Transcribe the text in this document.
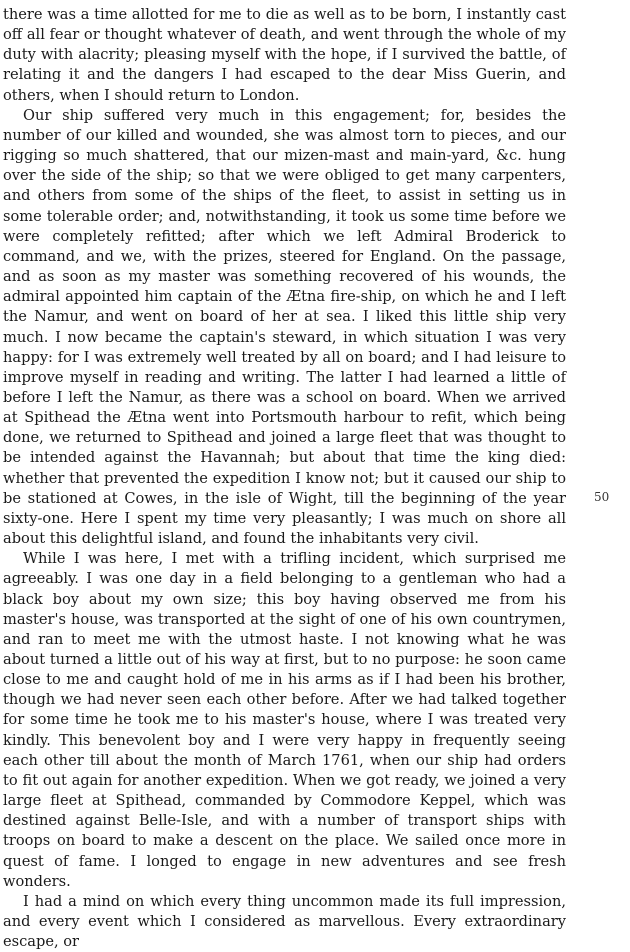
there was a time allotted for me to die as well as to be born, I instantly cast off all fear or thought whatever of death, and went through the whole of my duty with alacrity; pleasing myself with the hope, if I survived the battle, of relating it and the dangers I had escaped to the dear Miss Guerin, and others, when I should return to London.

Our ship suffered very much in this engagement; for, besides the number of our killed and wounded, she was almost torn to pieces, and our rigging so much shattered, that our mizen-mast and main-yard, &c. hung over the side of the ship; so that we were obliged to get many carpenters, and others from some of the ships of the fleet, to assist in setting us in some tolerable order; and, notwithstanding, it took us some time before we were completely refitted; after which we left Admiral Broderick to command, and we, with the prizes, steered for England. On the passage, and as soon as my master was something recovered of his wounds, the admiral appointed him captain of the Ætna fire-ship, on which he and I left the Namur, and went on board of her at sea. I liked this little ship very much. I now became the captain's steward, in which situation I was very happy: for I was extremely well treated by all on board; and I had leisure to improve myself in reading and writing. The latter I had learned a little of before I left the Namur, as there was a school on board. When we arrived at Spithead the Ætna went into Portsmouth harbour to refit, which being done, we returned to Spithead and joined a large fleet that was thought to be intended against the Havannah; but about that time the king died: whether that prevented the expedition I know not; but it caused our ship to be stationed at Cowes, in the isle of Wight, till the beginning of the year sixty-one. Here I spent my time very pleasantly; I was much on shore all about this delightful island, and found the inhabitants very civil.

While I was here, I met with a trifling incident, which surprised me agreeably. I was one day in a field belonging to a gentleman who had a black boy about my own size; this boy having observed me from his master's house, was transported at the sight of one of his own countrymen, and ran to meet me with the utmost haste. I not knowing what he was about turned a little out of his way at first, but to no purpose: he soon came close to me and caught hold of me in his arms as if I had been his brother, though we had never seen each other before. After we had talked together for some time he took me to his master's house, where I was treated very kindly. This benevolent boy and I were very happy in frequently seeing each other till about the month of March 1761, when our ship had orders to fit out again for another expedition. When we got ready, we joined a very large fleet at Spithead, commanded by Commodore Keppel, which was destined against Belle-Isle, and with a number of transport ships with troops on board to make a descent on the place. We sailed once more in quest of fame. I longed to engage in new adventures and see fresh wonders.

I had a mind on which every thing uncommon made its full impression, and every event which I considered as marvellous. Every extraordinary escape, or

50
